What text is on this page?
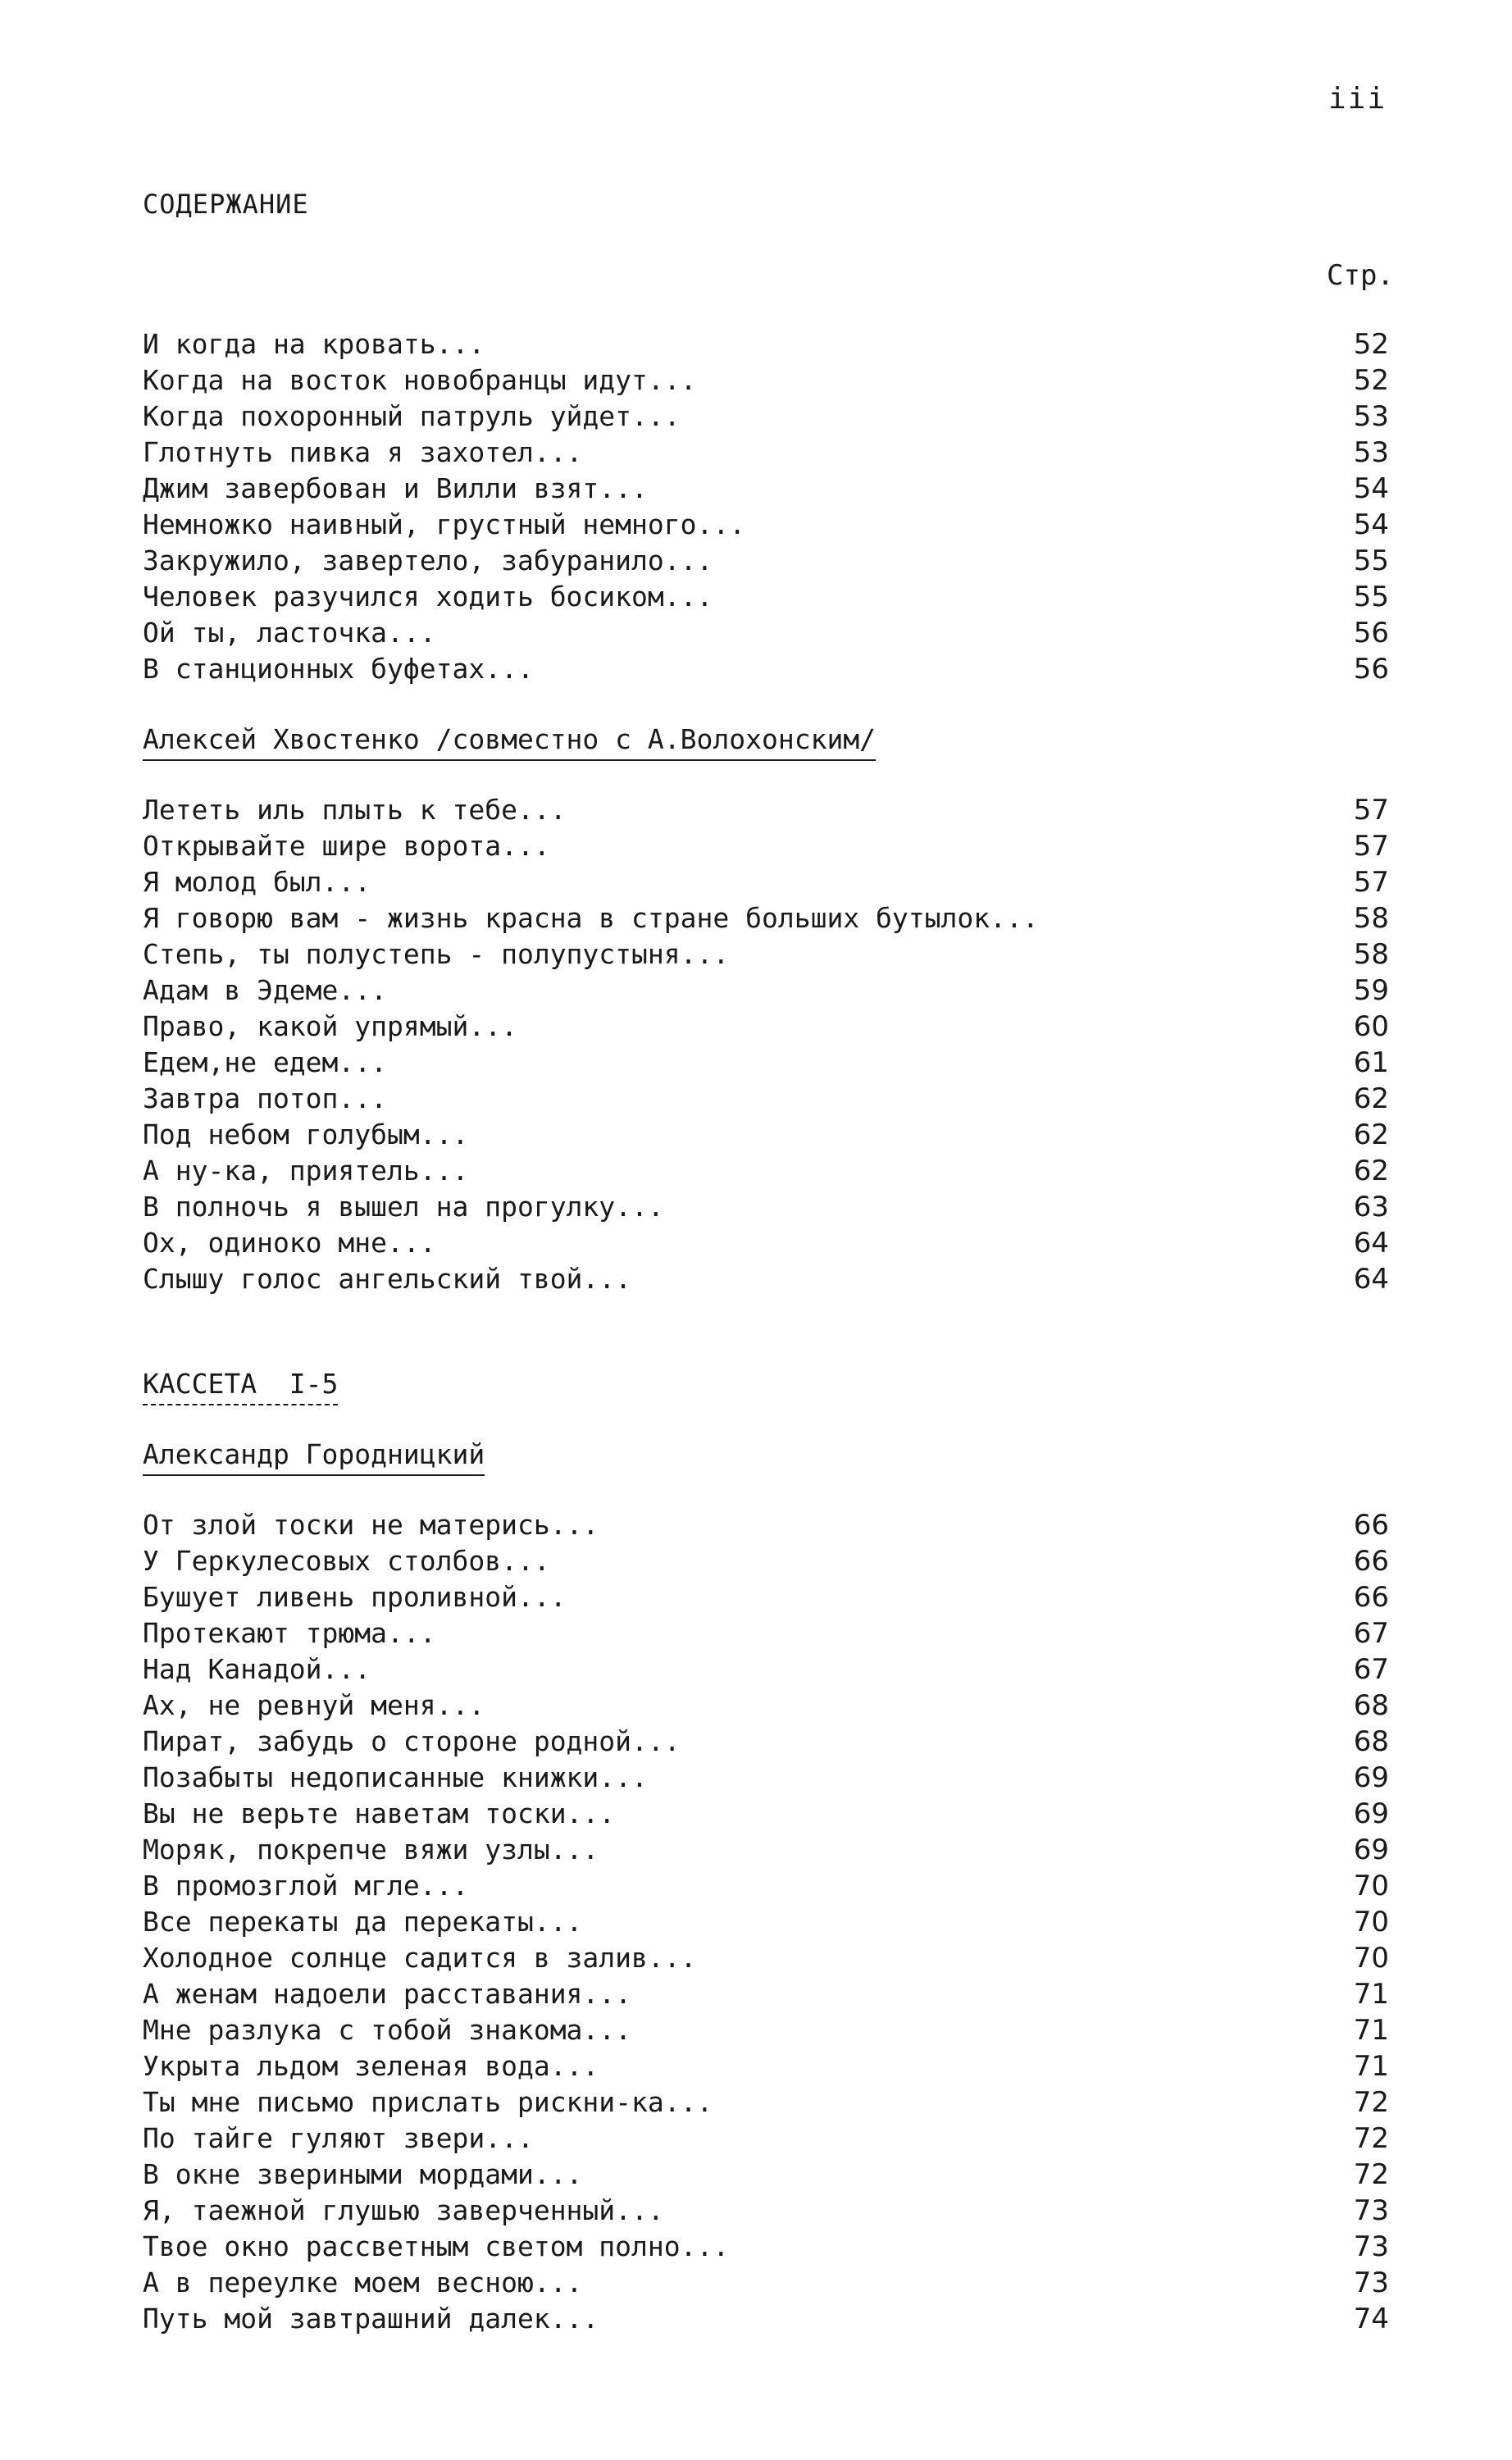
iii
СОДЕРЖАНИЕ
Стр.
И когда на кровать...	52
Когда на восток новобранцы идут...	52
Когда похоронный патруль уйдет...	53
Глотнуть пивка я захотел...	53
Джим завербован и Вилли взят...	54
Немножко наивный, грустный немного...	54
Закружило, завертело, забуранило...	55
Человек разучился ходить босиком...	55
Ой ты, ласточка...	56
В станционных буфетах...	56
Алексей Хвостенко /совместно с А.Волохонским/
Лететь иль плыть к тебе...	57
Открывайте шире ворота...	57
Я молод был...	57
Я говорю вам - жизнь красна в стране больших бутылок...	58
Степь, ты полустепь - полупустыня...	58
Адам в Эдеме...	59
Право, какой упрямый...	60
Едем,не едем...	61
Завтра потоп...	62
Под небом голубым...	62
А ну-ка, приятель...	62
В полночь я вышел на прогулку...	63
Ох, одиноко мне...	64
Слышу голос ангельский твой...	64
КАССЕТА  I-5
Александр Городницкий
От злой тоски не матерись...	66
У Геркулесовых столбов...	66
Бушует ливень проливной...	66
Протекают трюма...	67
Над Канадой...	67
Ах, не ревнуй меня...	68
Пират, забудь о стороне родной...	68
Позабыты недописанные книжки...	69
Вы не верьте наветам тоски...	69
Моряк, покрепче вяжи узлы...	69
В промозглой мгле...	70
Все перекаты да перекаты...	70
Холодное солнце садится в залив...	70
А женам надоели расставания...	71
Мне разлука с тобой знакома...	71
Укрыта льдом зеленая вода...	71
Ты мне письмо прислать рискни-ка...	72
По тайге гуляют звери...	72
В окне звериными мордами...	72
Я, таежной глушью заверченный...	73
Твое окно рассветным светом полно...	73
А в переулке моем весною...	73
Путь мой завтрашний далек...	74
